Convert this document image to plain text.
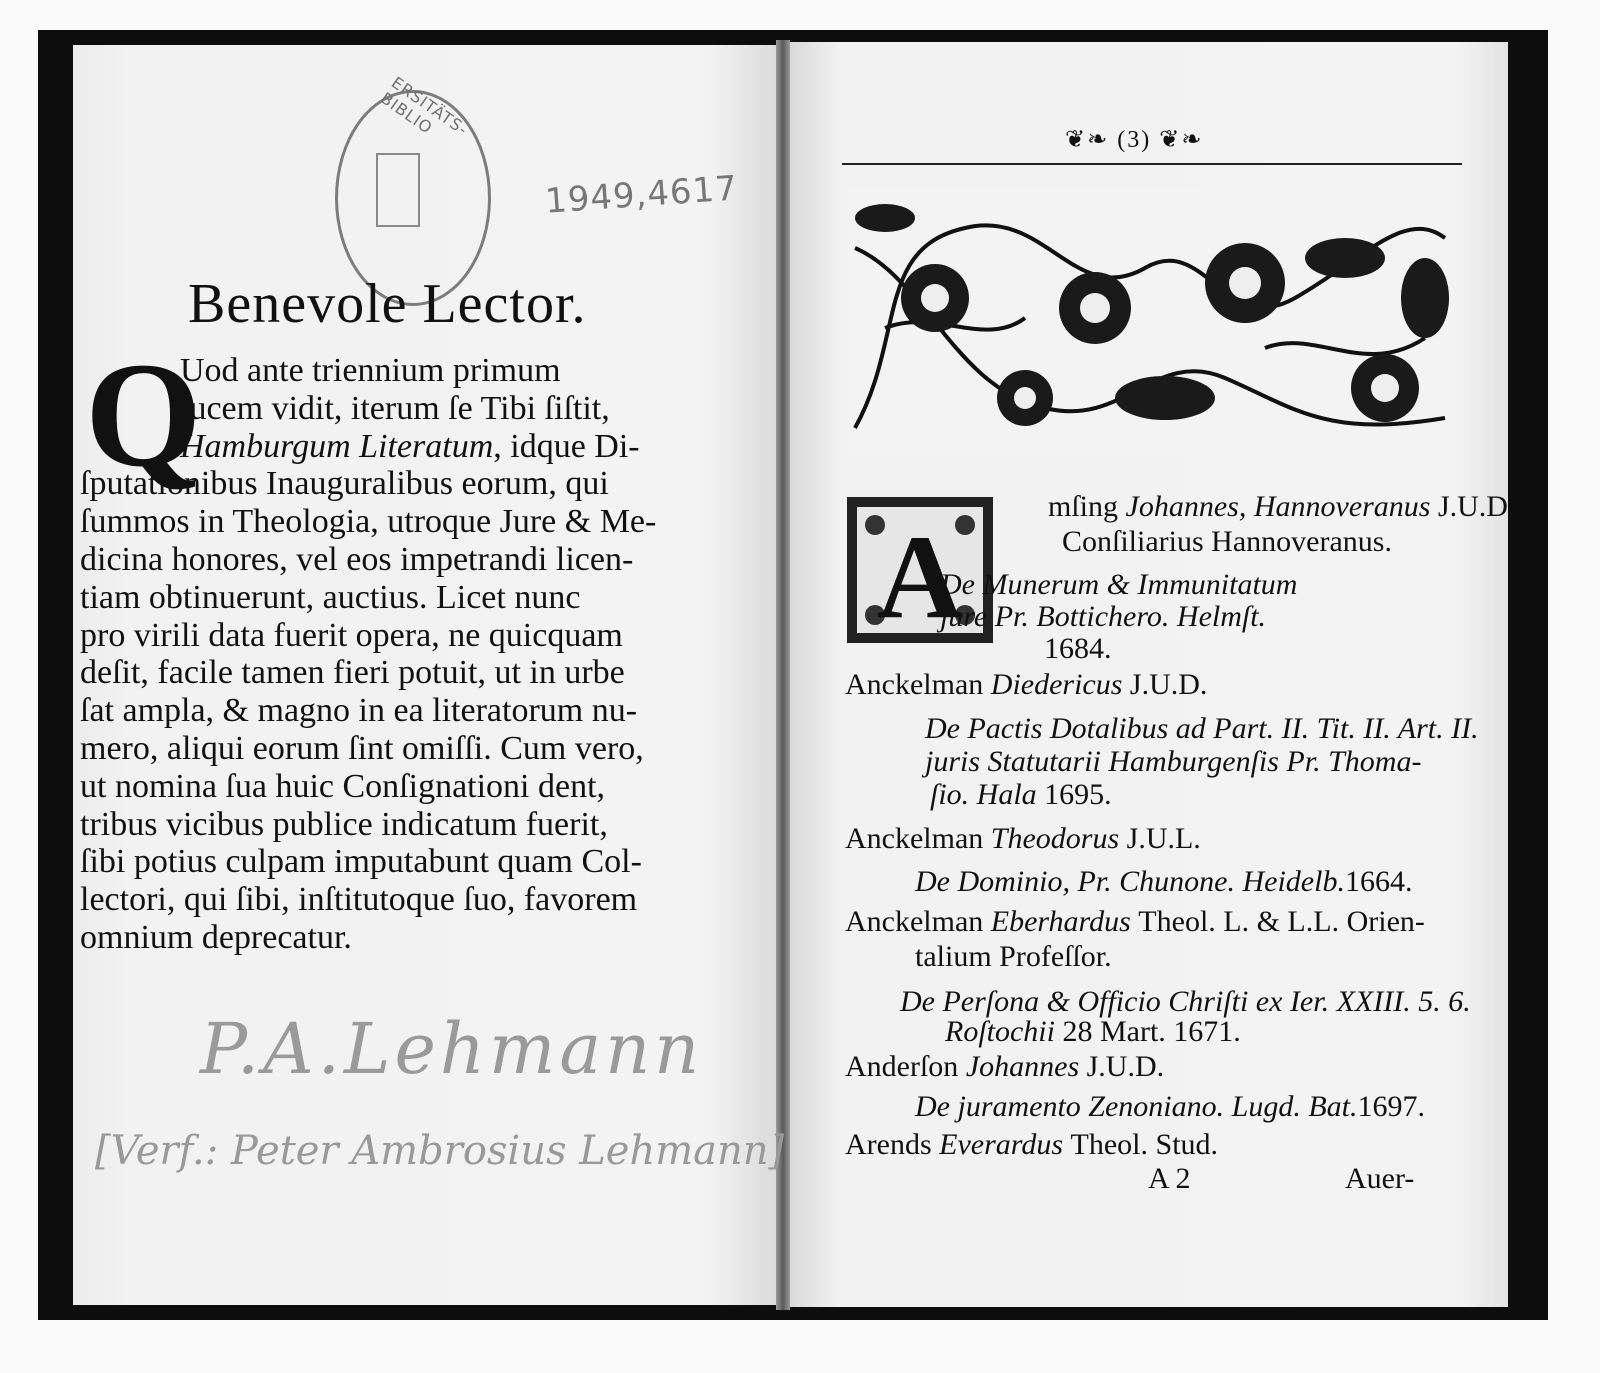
ERSITÄTS-BIBLIO
1949,4617
Benevole Lector.
Q
Uod ante triennium primum
lucem vidit, iterum ſe Tibi ſiſtit,
Hamburgum Literatum, idque Di-
ſputationibus Inauguralibus eorum, qui
ſummos in Theologia, utroque Jure & Me-
dicina honores, vel eos impetrandi licen-
tiam obtinuerunt, auctius. Licet nunc
pro virili data fuerit opera, ne quicquam
deſit, facile tamen fieri potuit, ut in urbe
ſat ampla, & magno in ea literatorum nu-
mero, aliqui eorum ſint omiſſi. Cum vero,
ut nomina ſua huic Conſignationi dent,
tribus vicibus publice indicatum fuerit,
ſibi potius culpam imputabunt quam Col-
lectori, qui ſibi, inſtitutoque ſuo, favorem
omnium deprecatur.
P.A.Lehmann
[Verf.: Peter Ambrosius Lehmann]
❦❧ (3) ❦❧
A
mſing Johannes, Hannoveranus J.U.D.
Conſiliarius Hannoveranus.
De Munerum & Immunitatum
jure Pr. Bottichero. Helmſt.
1684.
Anckelman Diedericus J.U.D.
De Pactis Dotalibus ad Part. II. Tit. II. Art. II.
juris Statutarii Hamburgenſis Pr. Thoma-
ſio. Hala 1695.
Anckelman Theodorus J.U.L.
De Dominio, Pr. Chunone. Heidelb.1664.
Anckelman Eberhardus Theol. L. & L.L. Orien-
talium Profeſſor.
De Perſona & Officio Chriſti ex Ier. XXIII. 5. 6.
Roſtochii 28 Mart. 1671.
Anderſon Johannes J.U.D.
De juramento Zenoniano. Lugd. Bat.1697.
Arends Everardus Theol. Stud.
A 2	Auer-
